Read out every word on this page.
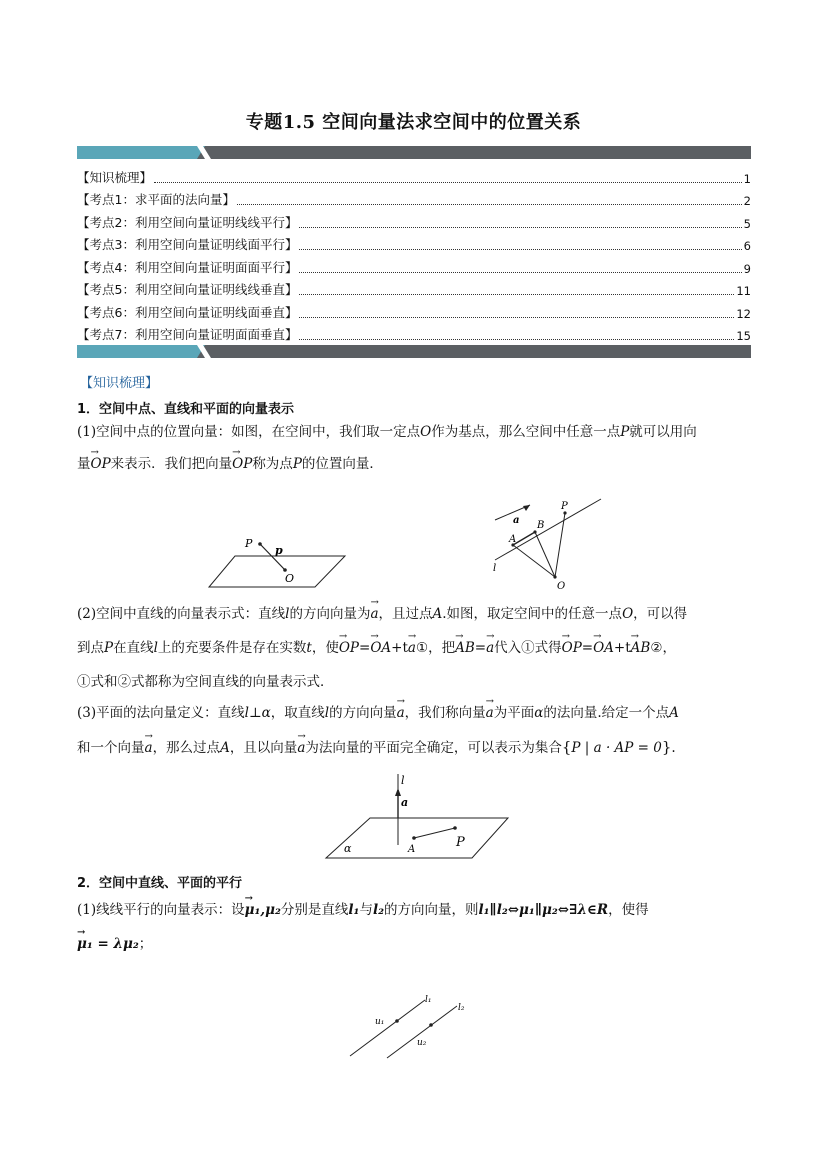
专题1.5 空间向量法求空间中的位置关系
【知识梳理】	1
【考点1：求平面的法向量】	2
【考点2：利用空间向量证明线线平行】	5
【考点3：利用空间向量证明线面平行】	6
【考点4：利用空间向量证明面面平行】	9
【考点5：利用空间向量证明线线垂直】	11
【考点6：利用空间向量证明线面垂直】	12
【考点7：利用空间向量证明面面垂直】	15
【知识梳理】
1．空间中点、直线和平面的向量表示
(1)空间中点的位置向量：如图，在空间中，我们取一定点O作为基点，那么空间中任意一点P就可以用向
量→ OP来表示．我们把向量→ OP称为点P的位置向量．
P
p
O
a
P
B
A
l
O
(2)空间中直线的向量表示式：直线l的方向向量为→ a，且过点A.如图，取定空间中的任意一点O，可以得
到点P在直线l上的充要条件是存在实数t，使→ OP=→ OA+t→ a①，把→ AB=→ a代入①式得→ OP=→ OA+t→ AB②，
①式和②式都称为空间直线的向量表示式．
(3)平面的法向量定义：直线l⊥α，取直线l的方向向量→ a，我们称向量→ a为平面α的法向量.给定一个点A
和一个向量→ a，那么过点A，且以向量→ a为法向量的平面完全确定，可以表示为集合{P | a · AP = 0}.
l
a
α	A	P
2．空间中直线、平面的平行
(1)线线平行的向量表示：设→ μ₁,μ₂分别是直线l₁与l₂的方向向量，则l₁∥l₂⇔μ₁∥μ₂⇔∃λ∈R，使得
→ μ₁ = λμ₂；
l₁
l₂
u₁
u₂
